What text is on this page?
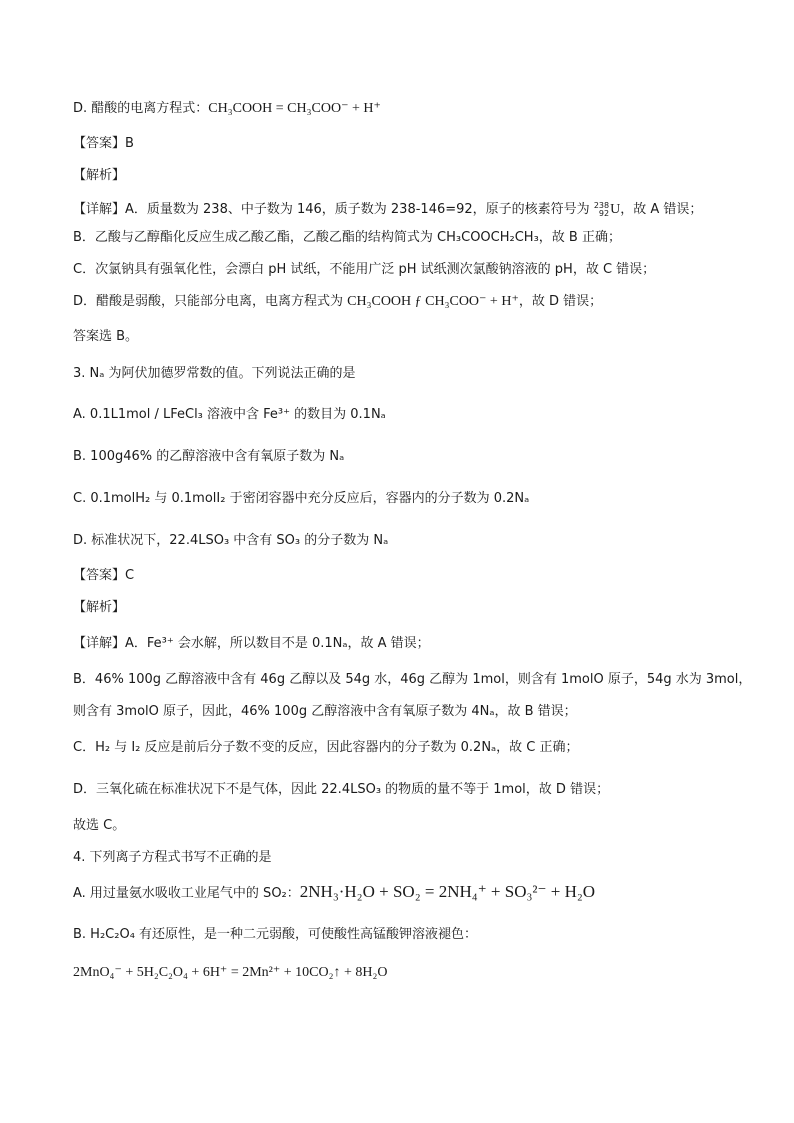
D. 醋酸的电离方程式：CH₃COOH = CH₃COO⁻ + H⁺
【答案】B
【解析】
【详解】A．质量数为 238、中子数为 146，质子数为 238-146=92，原子的核素符号为 238
92 U，故 A 错误；
B．乙酸与乙醇酯化反应生成乙酸乙酯，乙酸乙酯的结构简式为 CH₃COOCH₂CH₃，故 B 正确；
C．次氯钠具有强氧化性，会漂白 pH 试纸，不能用广泛 pH 试纸测次氯酸钠溶液的 pH，故 C 错误；
D．醋酸是弱酸，只能部分电离，电离方程式为 CH₃COOH ƒ CH₃COO⁻ + H⁺，故 D 错误；
答案选 B。
3. Nₐ 为阿伏加德罗常数的值。下列说法正确的是
A. 0.1L1mol / LFeCl₃ 溶液中含 Fe³⁺ 的数目为 0.1Nₐ
B. 100g46% 的乙醇溶液中含有氧原子数为 Nₐ
C. 0.1molH₂ 与 0.1molI₂ 于密闭容器中充分反应后，容器内的分子数为 0.2Nₐ
D. 标准状况下，22.4LSO₃ 中含有 SO₃ 的分子数为 Nₐ
【答案】C
【解析】
【详解】A．Fe³⁺ 会水解，所以数目不是 0.1Nₐ，故 A 错误；
B．46% 100g 乙醇溶液中含有 46g 乙醇以及 54g 水，46g 乙醇为 1mol，则含有 1molO 原子，54g 水为 3mol，
则含有 3molO 原子，因此，46% 100g 乙醇溶液中含有氧原子数为 4Nₐ，故 B 错误；
C．H₂ 与 I₂ 反应是前后分子数不变的反应，因此容器内的分子数为 0.2Nₐ，故 C 正确；
D．三氧化硫在标准状况下不是气体，因此 22.4LSO₃ 的物质的量不等于 1mol，故 D 错误；
故选 C。
4. 下列离子方程式书写不正确的是
A. 用过量氨水吸收工业尾气中的 SO₂：2NH₃·H₂O + SO₂ = 2NH₄⁺ + SO₃²⁻ + H₂O
B. H₂C₂O₄ 有还原性，是一种二元弱酸，可使酸性高锰酸钾溶液褪色：
2MnO₄⁻ + 5H₂C₂O₄ + 6H⁺ = 2Mn²⁺ + 10CO₂↑ + 8H₂O
